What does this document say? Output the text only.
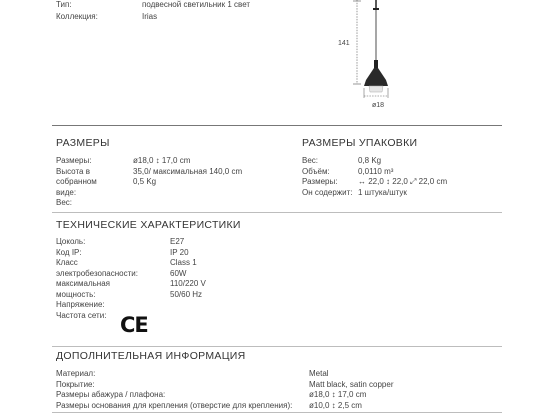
Тип:	подвесной светильник 1 свет
Коллекция:	Irias
141
ø18
РАЗМЕРЫ
Размеры:
Высота в
собранном
виде:
Вес:
ø18,0 ↕ 17,0 cm
35,0/ максимальная 140,0 cm
0,5 Kg
РАЗМЕРЫ УПАКОВКИ
Вес:
Объём:
Размеры:
Он содержит:
0,8 Kg
0,0110 m³
↔ 22,0 ↕ 22,0 ⤢ 22,0 cm
1 штука/штук
ТЕХНИЧЕСКИЕ ХАРАКТЕРИСТИКИ
Цоколь:
Код IP:
Класс
электробезопасности:
максимальная
мощность:
Напряжение:
Частота сети:
E27
IP 20
Class 1
60W
110/220 V
50/60 Hz
CE
ДОПОЛНИТЕЛЬНАЯ ИНФОРМАЦИЯ
Материал:
Покрытие:
Размеры абажура / плафона:
Размеры основания для крепления (отверстие для крепления):
Metal
Matt black, satin copper
ø18,0 ↕ 17,0 cm
ø10,0 ↕ 2,5 cm
